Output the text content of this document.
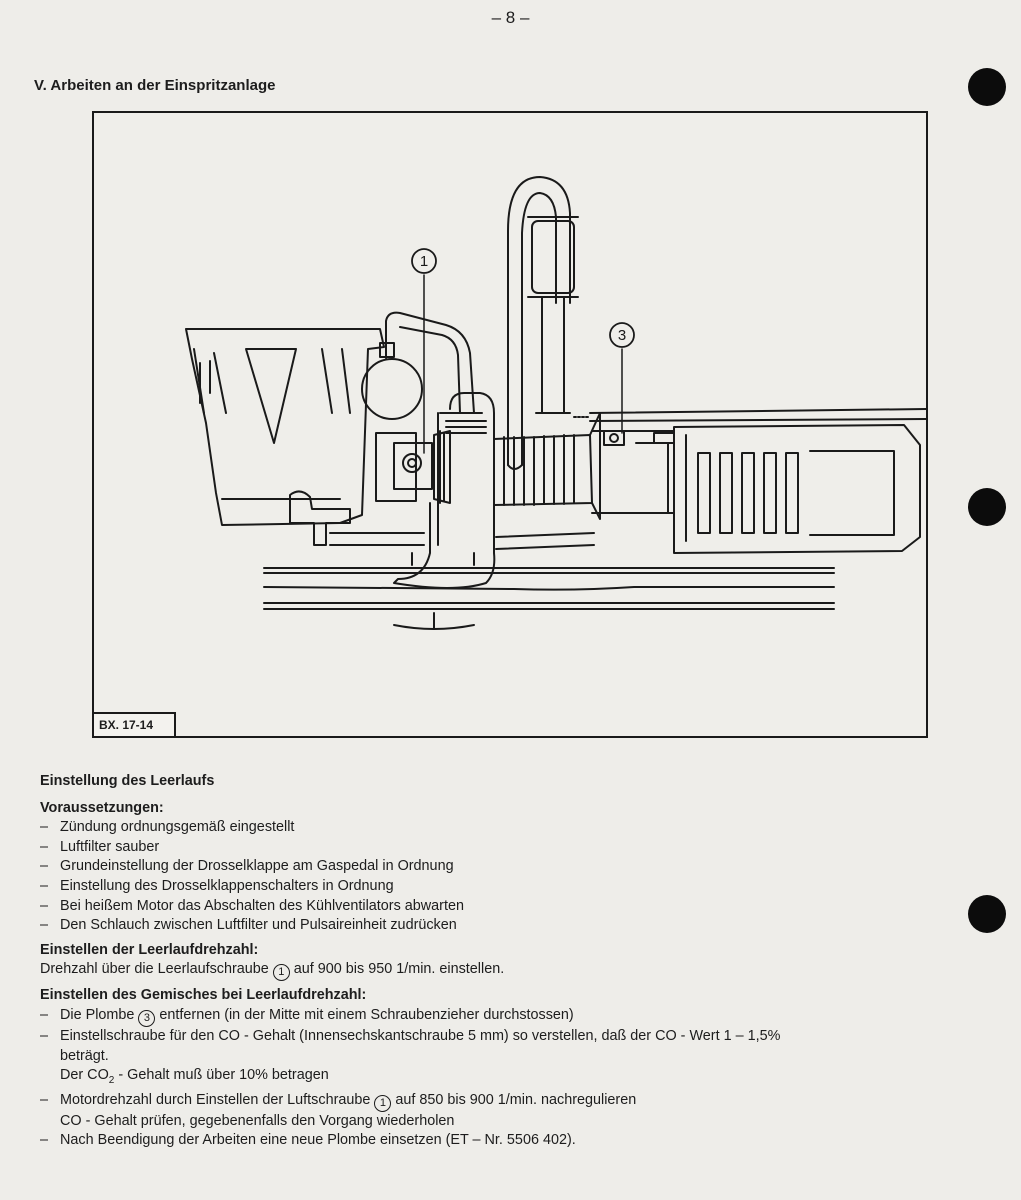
– 8 –
V. Arbeiten an der Einspritzanlage
1
3
BX. 17-14
Einstellung des Leerlaufs
Voraussetzungen:
– Zündung ordnungsgemäß eingestellt
– Luftfilter sauber
– Grundeinstellung der Drosselklappe am Gaspedal in Ordnung
– Einstellung des Drosselklappenschalters in Ordnung
– Bei heißem Motor das Abschalten des Kühlventilators abwarten
– Den Schlauch zwischen Luftfilter und Pulsaireinheit zudrücken
Einstellen der Leerlaufdrehzahl:
Drehzahl über die Leerlaufschraube 1 auf 900 bis 950 1/min. einstellen.
Einstellen des Gemisches bei Leerlaufdrehzahl:
– Die Plombe 3 entfernen (in der Mitte mit einem Schraubenzieher durchstossen)
– Einstellschraube für den CO - Gehalt (Innensechskantschraube 5 mm) so verstellen, daß der CO - Wert 1 – 1,5%
beträgt.
Der $CO_2$ - Gehalt muß über 10% betragen
– Motordrehzahl durch Einstellen der Luftschraube 1 auf 850 bis 900 1/min. nachregulieren
CO - Gehalt prüfen, gegebenenfalls den Vorgang wiederholen
– Nach Beendigung der Arbeiten eine neue Plombe einsetzen (ET – Nr. 5506 402).
